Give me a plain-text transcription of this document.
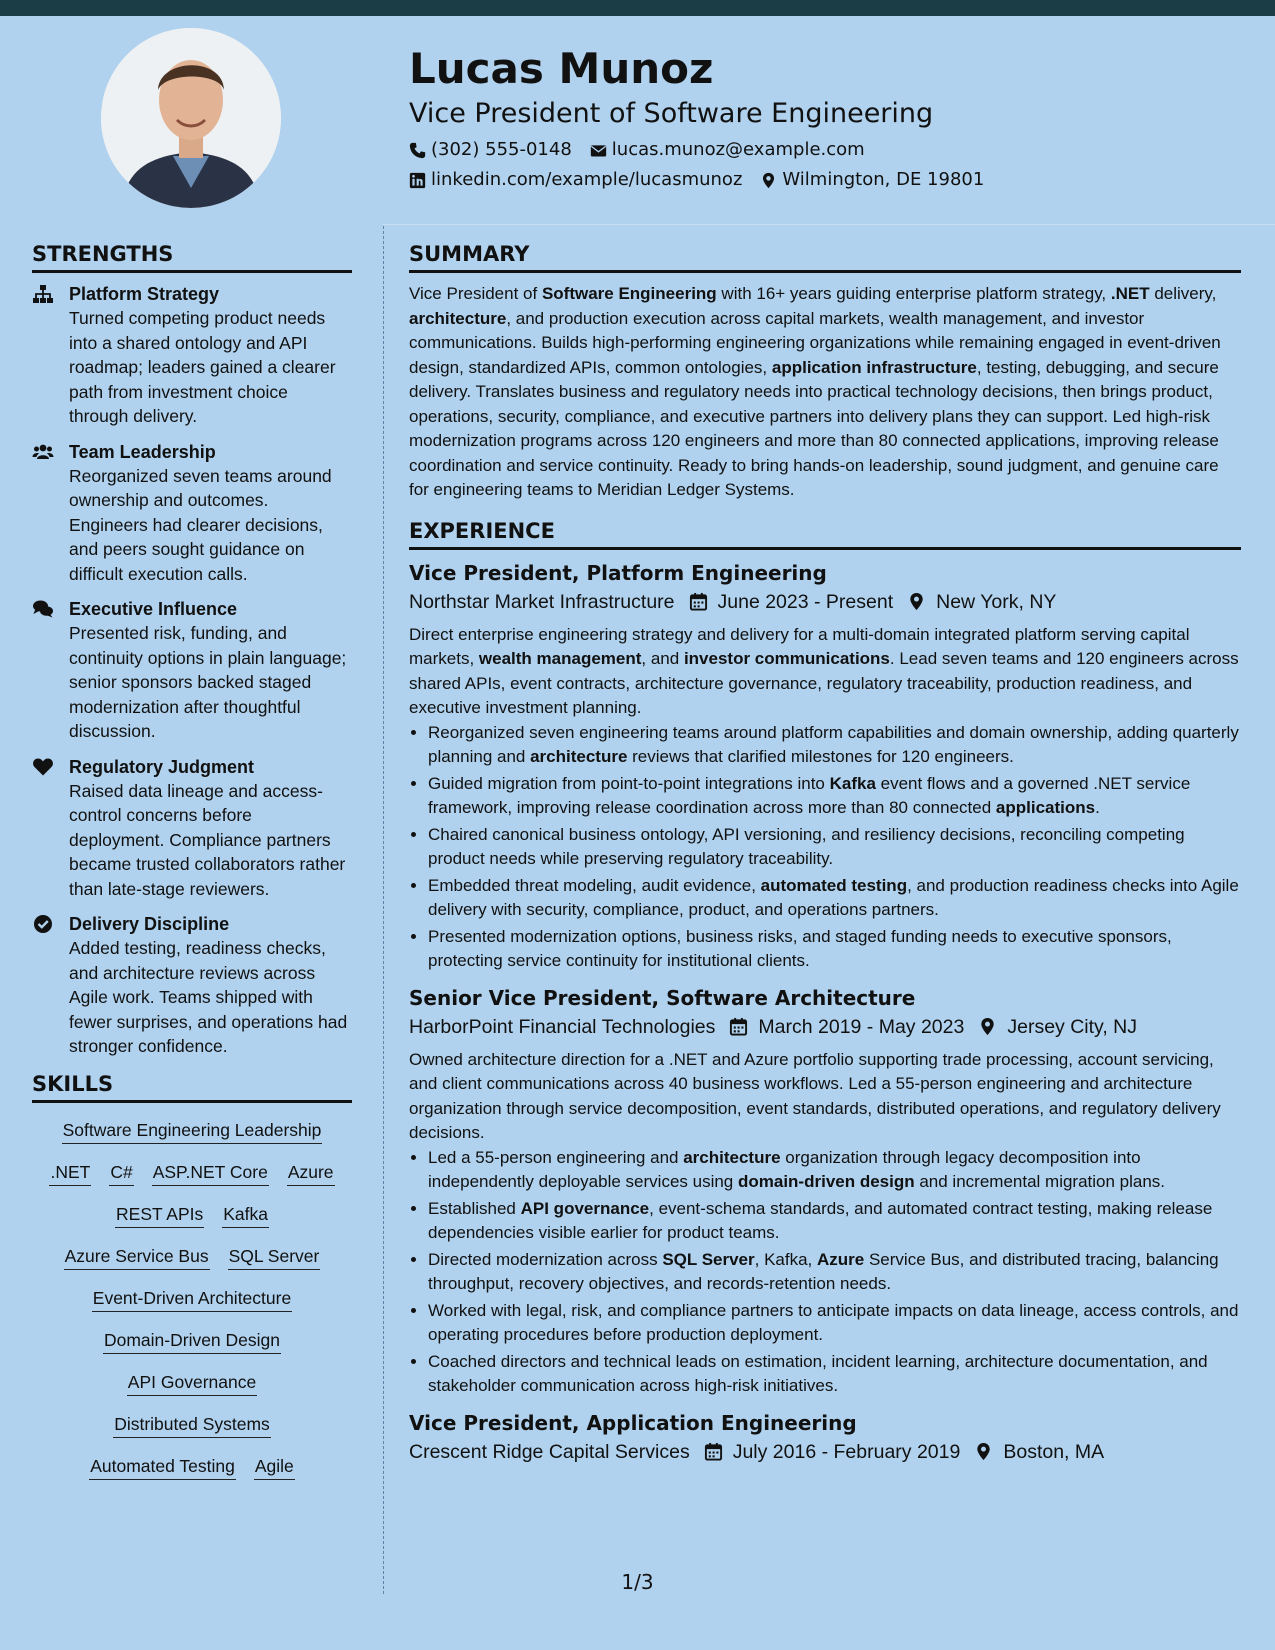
Lucas Munoz
Vice President of Software Engineering
(302) 555-0148 lucas.munoz@example.com
linkedin.com/example/lucasmunoz Wilmington, DE 19801
STRENGTHS
Platform Strategy
Turned competing product needs into a shared ontology and API roadmap; leaders gained a clearer path from investment choice through delivery.
Team Leadership
Reorganized seven teams around ownership and outcomes. Engineers had clearer decisions, and peers sought guidance on difficult execution calls.
Executive Influence
Presented risk, funding, and continuity options in plain language; senior sponsors backed staged modernization after thoughtful discussion.
Regulatory Judgment
Raised data lineage and access-control concerns before deployment. Compliance partners became trusted collaborators rather than late-stage reviewers.
Delivery Discipline
Added testing, readiness checks, and architecture reviews across Agile work. Teams shipped with fewer surprises, and operations had stronger confidence.
SKILLS
Software Engineering Leadership
.NET C# ASP.NET Core Azure
REST APIs Kafka
Azure Service Bus SQL Server
Event-Driven Architecture
Domain-Driven Design
API Governance
Distributed Systems
Automated Testing Agile
SUMMARY

Vice President of Software Engineering with 16+ years guiding enterprise platform strategy, .NET delivery, architecture, and production execution across capital markets, wealth management, and investor communications. Builds high-performing engineering organizations while remaining engaged in event-driven design, standardized APIs, common ontologies, application infrastructure, testing, debugging, and secure delivery. Translates business and regulatory needs into practical technology decisions, then brings product, operations, security, compliance, and executive partners into delivery plans they can support. Led high-risk modernization programs across 120 engineers and more than 80 connected applications, improving release coordination and service continuity. Ready to bring hands-on leadership, sound judgment, and genuine care for engineering teams to Meridian Ledger Systems.

EXPERIENCE
Vice President, Platform Engineering
Northstar Market Infrastructure June 2023 - Present New York, NY

Direct enterprise engineering strategy and delivery for a multi-domain integrated platform serving capital markets, wealth management, and investor communications. Lead seven teams and 120 engineers across shared APIs, event contracts, architecture governance, regulatory traceability, production readiness, and executive investment planning.

• Reorganized seven engineering teams around platform capabilities and domain ownership, adding quarterly planning and architecture reviews that clarified milestones for 120 engineers.
• Guided migration from point-to-point integrations into Kafka event flows and a governed .NET service framework, improving release coordination across more than 80 connected applications.
• Chaired canonical business ontology, API versioning, and resiliency decisions, reconciling competing product needs while preserving regulatory traceability.
• Embedded threat modeling, audit evidence, automated testing, and production readiness checks into Agile delivery with security, compliance, product, and operations partners.
• Presented modernization options, business risks, and staged funding needs to executive sponsors, protecting service continuity for institutional clients.
Senior Vice President, Software Architecture
HarborPoint Financial Technologies March 2019 - May 2023 Jersey City, NJ

Owned architecture direction for a .NET and Azure portfolio supporting trade processing, account servicing, and client communications across 40 business workflows. Led a 55-person engineering and architecture organization through service decomposition, event standards, distributed operations, and regulatory delivery decisions.

• Led a 55-person engineering and architecture organization through legacy decomposition into independently deployable services using domain-driven design and incremental migration plans.
• Established API governance, event-schema standards, and automated contract testing, making release dependencies visible earlier for product teams.
• Directed modernization across SQL Server, Kafka, Azure Service Bus, and distributed tracing, balancing throughput, recovery objectives, and records-retention needs.
• Worked with legal, risk, and compliance partners to anticipate impacts on data lineage, access controls, and operating procedures before production deployment.
• Coached directors and technical leads on estimation, incident learning, architecture documentation, and stakeholder communication across high-risk initiatives.
Vice President, Application Engineering
Crescent Ridge Capital Services July 2016 - February 2019 Boston, MA
1/3
